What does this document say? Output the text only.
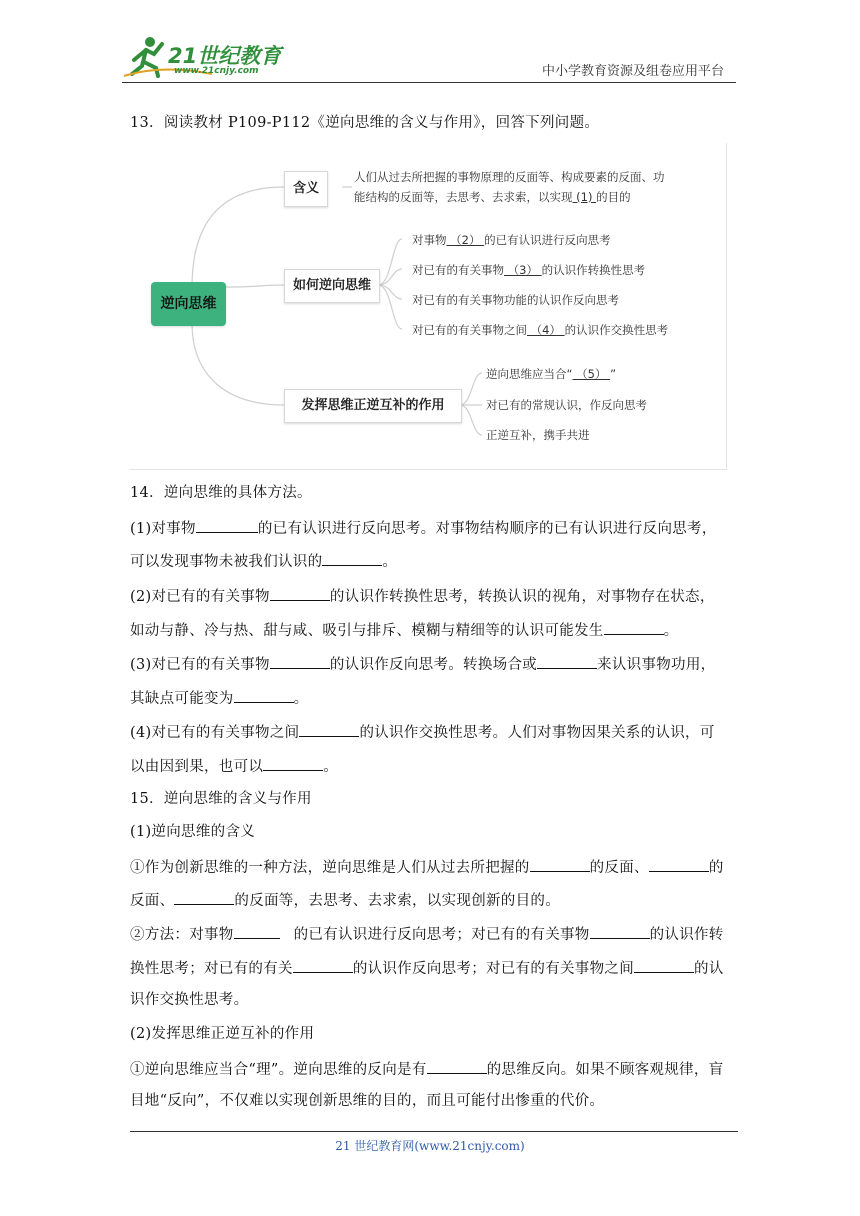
21世纪教育
www.21cnjy.com	中小学教育资源及组卷应用平台
13．阅读教材 P109-P112《逆向思维的含义与作用》，回答下列问题。
逆向思维
含义
人们从过去所把握的事物原理的反面等、构成要素的反面、功
能结构的反面等，去思考、去求索，以实现 (1) 的目的
如何逆向思维
对事物 （2） 的已有认识进行反向思考
对已有的有关事物 （3） 的认识作转换性思考
对已有的有关事物功能的认识作反向思考
对已有的有关事物之间 （4） 的认识作交换性思考
发挥思维正逆互补的作用
逆向思维应当合“ （5） ”
对已有的常规认识，作反向思考
正逆互补，携手共进
14．逆向思维的具体方法。
(1)对事物	的已有认识进行反向思考。对事物结构顺序的已有认识进行反向思考，
可以发现事物未被我们认识的	。
(2)对已有的有关事物	的认识作转换性思考，转换认识的视角，对事物存在状态，
如动与静、冷与热、甜与咸、吸引与排斥、模糊与精细等的认识可能发生	。
(3)对已有的有关事物	的认识作反向思考。转换场合或	来认识事物功用，
其缺点可能变为	。
(4)对已有的有关事物之间	的认识作交换性思考。人们对事物因果关系的认识，可
以由因到果，也可以	。
15．逆向思维的含义与作用
(1)逆向思维的含义
①作为创新思维的一种方法，逆向思维是人们从过去所把握的	的反面、	的
反面、	的反面等，去思考、去求索，以实现创新的目的。
②方法：对事物	的已有认识进行反向思考；对已有的有关事物	的认识作转
换性思考；对已有的有关	的认识作反向思考；对已有的有关事物之间	的认
识作交换性思考。
(2)发挥思维正逆互补的作用
①逆向思维应当合“理”。逆向思维的反向是有	的思维反向。如果不顾客观规律，盲
目地“反向”，不仅难以实现创新思维的目的，而且可能付出惨重的代价。
21 世纪教育网(www.21cnjy.com)
